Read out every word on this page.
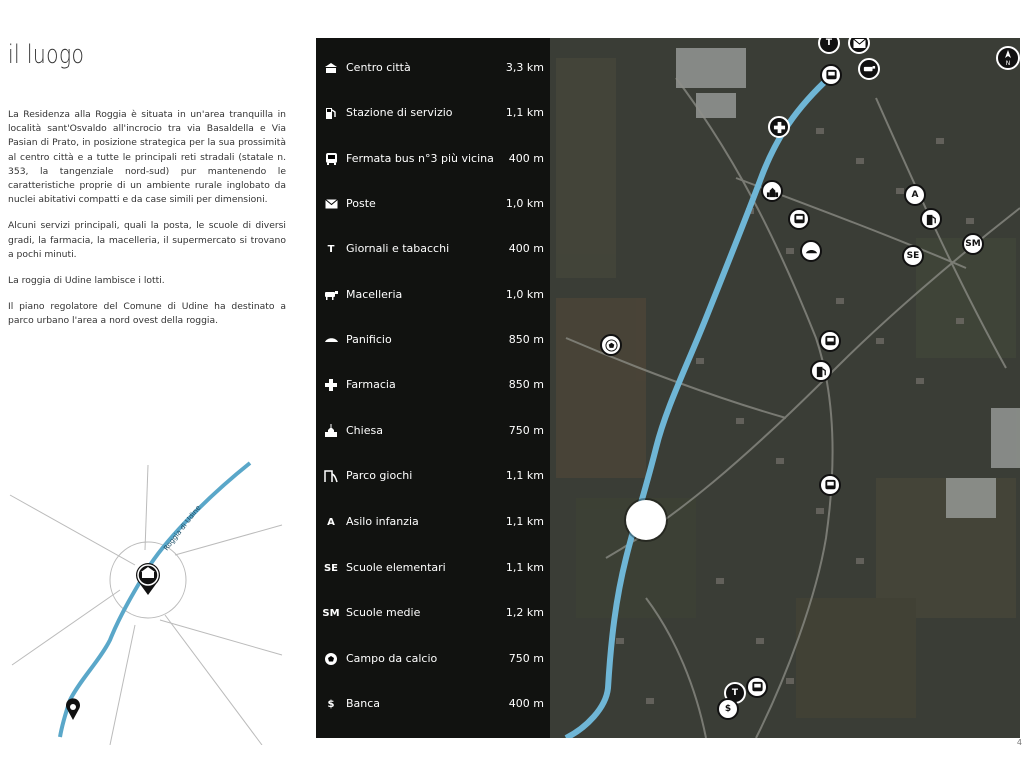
il luogo

La Residenza alla Roggia è situata in un'area tranquilla in località sant'Osvaldo all'incrocio tra via Basaldella e Via Pasian di Prato, in posizione strategica per la sua prossimità al centro città e a tutte le principali reti stradali (statale n. 353, la tangenziale nord-sud) pur mantenendo le caratteristiche proprie di un ambiente rurale inglobato da nuclei abitativi compatti e da case simili per dimensioni.

Alcuni servizi principali, quali la posta, le scuole di diversi gradi, la farmacia, la macelleria, il supermercato si trovano a pochi minuti.

La roggia di Udine lambisce i lotti.

Il piano regolatore del Comune di Udine ha destinato a parco urbano l'area a nord ovest della roggia.

Roggia di Udine
Centro città	3,3 km
Stazione di servizio	1,1 km
Fermata bus n°3 più vicina 400 m
Poste	1,0 km
T	Giornali e tabacchi	400 m
Macelleria	1,0 km
Panificio	850 m
Farmacia	850 m
Chiesa	750 m
Parco giochi	1,1 km
A	Asilo infanzia	1,1 km
SE Scuole elementari	1,1 km
SM Scuole medie	1,2 km
Campo da calcio	750 m
$	Banca	400 m
T
A
SE
SM
T
$
N
4
